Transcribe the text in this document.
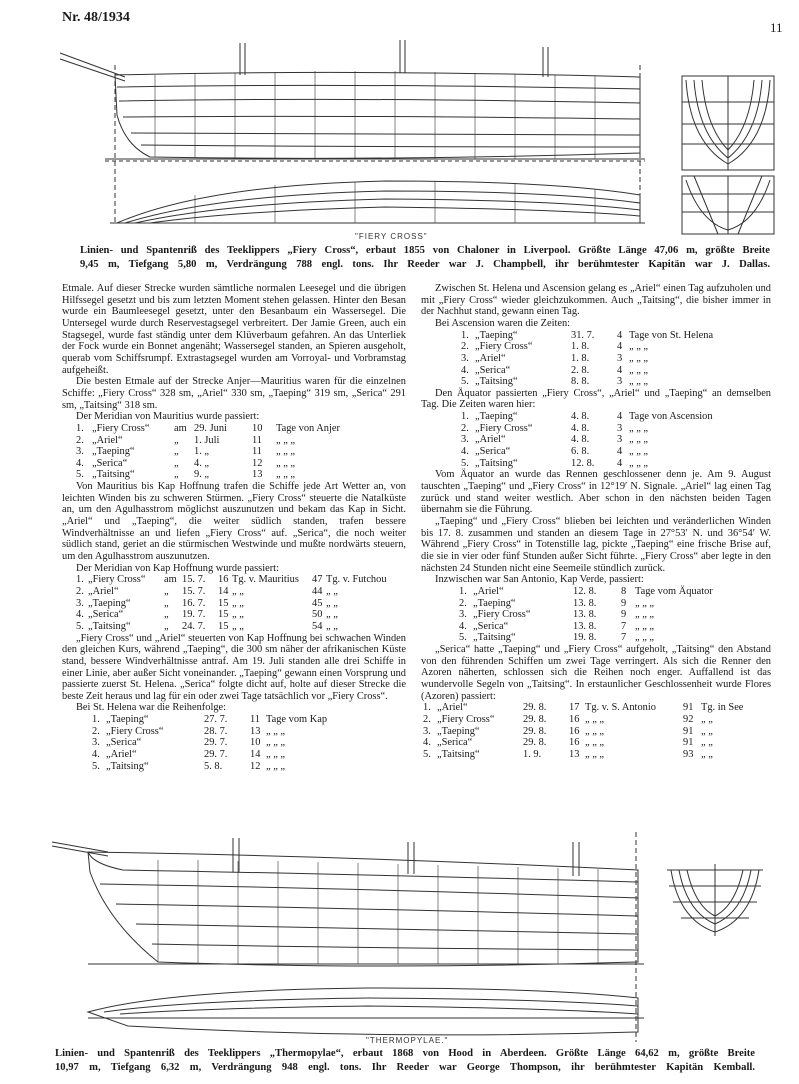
Nr. 48/1934
11
"FIERY CROSS"
Linien- und Spantenriß des Teeklippers „Fiery Cross“, erbaut 1855 von Chaloner in Liverpool. Größte Länge 47,06 m, größte Breite
9,45 m, Tiefgang 5,80 m, Verdrängung 788 engl. tons. Ihr Reeder war J. Champbell, ihr berühmtester Kapitän war J. Dallas.

Etmale. Auf dieser Strecke wurden sämtliche normalen Leesegel und die übrigen Hilfssegel gesetzt und bis zum letzten Moment stehen gelassen. Hinter den Besan wurde ein Baumleesegel gesetzt, unter den Besanbaum ein Wassersegel. Die Untersegel wurde durch Reservestagsegel verbreitert. Der Jamie Green, auch ein Stagsegel, wurde fast ständig unter dem Klüverbaum gefahren. An das Unterliek der Fock wurde ein Bonnet angenäht; Wassersegel standen, an Spieren ausgeholt, querab vom Schiffsrumpf. Extrastagsegel wurden am Vorroyal- und Vorbramstag aufgeheißt.

Die besten Etmale auf der Strecke Anjer—Mauritius waren für die einzelnen Schiffe: „Fiery Cross“ 328 sm, „Ariel“ 330 sm, „Taeping“ 319 sm, „Serica“ 291 sm, „Taitsing“ 318 sm.

Der Meridian von Mauritius wurde passiert:

1. „Fiery Cross“ am 29. Juni 10 Tage von Anjer
2. „Ariel“	„ 1. Juli	11 „ „ „
3. „Taeping“	„ 1. „	11 „ „ „
4. „Serica“	„ 4. „	12 „ „ „
5. „Taitsing“	„ 9. „	13 „ „ „

Von Mauritius bis Kap Hoffnung trafen die Schiffe jede Art Wetter an, von leichten Winden bis zu schweren Stürmen. „Fiery Cross“ steuerte die Natalküste an, um den Agulhasstrom möglichst auszunutzen und bekam das Kap in Sicht. „Ariel“ und „Taeping“, die weiter südlich standen, trafen bessere Windverhältnisse an und liefen „Fiery Cross“ auf. „Serica“, die noch weiter südlich stand, geriet an die stürmischen Westwinde und mußte nordwärts steuern, um den Agulhasstrom auszunutzen.

Der Meridian von Kap Hoffnung wurde passiert:

1. „Fiery Cross“ am 15. 7. 16 Tg. v. Mauritius 47 Tg. v. Futchou
2. „Ariel“	„ 15. 7. 14 „ „	44 „ „
3. „Taeping“	„ 16. 7. 15 „ „	45 „ „
4. „Serica“	„ 19. 7. 15 „ „	50 „ „
5. „Taitsing“	„ 24. 7. 15 „ „	54 „ „

„Fiery Cross“ und „Ariel“ steuerten von Kap Hoffnung bei schwachen Winden den gleichen Kurs, während „Taeping“, die 300 sm näher der afrikanischen Küste stand, bessere Windverhältnisse antraf. Am 19. Juli standen alle drei Schiffe in einer Linie, aber außer Sicht voneinander. „Taeping“ gewann einen Vorsprung und passierte zuerst St. Helena. „Serica“ folgte dicht auf, holte auf dieser Strecke die beste Zeit heraus und lag für ein oder zwei Tage tatsächlich vor „Fiery Cross“.

Bei St. Helena war die Reihenfolge:

1. „Taeping“	27. 7. 11 Tage vom Kap
2. „Fiery Cross“	28. 7. 13 „ „ „
3. „Serica“	29. 7. 10 „ „ „
4. „Ariel“	29. 7. 14 „ „ „
5. „Taitsing“	5. 8.	12 „ „ „

Zwischen St. Helena und Ascension gelang es „Ariel“ einen Tag aufzuholen und mit „Fiery Cross“ wieder gleichzukommen. Auch „Taitsing“, die bisher immer in der Nachhut stand, gewann einen Tag.

Bei Ascension waren die Zeiten:

1. „Taeping“	31. 7. 4 Tage von St. Helena
2. „Fiery Cross“	1. 8.	4 „ „ „
3. „Ariel“	1. 8.	3 „ „ „
4. „Serica“	2. 8.	4 „ „ „
5. „Taitsing“	8. 8.	3 „ „ „

Den Äquator passierten „Fiery Cross“, „Ariel“ und „Taeping“ an demselben Tag. Die Zeiten waren hier:

1. „Taeping“	4. 8.	4 Tage von Ascension
2. „Fiery Cross“	4. 8.	3 „ „ „
3. „Ariel“	4. 8.	3 „ „ „
4. „Serica“	6. 8.	4 „ „ „
5. „Taitsing“	12. 8. 4 „ „ „

Vom Äquator an wurde das Rennen geschlossener denn je. Am 9. August tauschten „Taeping“ und „Fiery Cross“ in 12°19′ N. Signale. „Ariel“ lag einen Tag zurück und stand weiter westlich. Aber schon in den nächsten beiden Tagen übernahm sie die Führung.

„Taeping“ und „Fiery Cross“ blieben bei leichten und veränderlichen Winden bis 17. 8. zusammen und standen an diesem Tage in 27°53′ N. und 36°54′ W. Während „Fiery Cross“ in Totenstille lag, pickte „Taeping“ eine frische Brise auf, die sie in vier oder fünf Stunden außer Sicht führte. „Fiery Cross“ aber legte in den nächsten 24 Stunden nicht eine Seemeile stündlich zurück.

Inzwischen war San Antonio, Kap Verde, passiert:

1. „Ariel“	12. 8. 8 Tage vom Äquator
2. „Taeping“	13. 8. 9 „ „ „
3. „Fiery Cross“	13. 8. 9 „ „ „
4. „Serica“	13. 8. 7 „ „ „
5. „Taitsing“	19. 8. 7 „ „ „

„Serica“ hatte „Taeping“ und „Fiery Cross“ aufgeholt, „Taitsing“ den Abstand von den führenden Schiffen um zwei Tage verringert. Als sich die Renner den Azoren näherten, schlossen sich die Reihen noch enger. Auffallend ist das wundervolle Segeln von „Taitsing“. In erstaunlicher Geschlossenheit wurde Flores (Azoren) passiert:

1. „Ariel“	29. 8. 17 Tg. v. S. Antonio	91 Tg. in See
2. „Fiery Cross“	29. 8. 16 „ „ „	92 „ „
3. „Taeping“	29. 8. 16 „ „ „	91 „ „
4. „Serica“	29. 8. 16 „ „ „	91 „ „
5. „Taitsing“	1. 9.	13 „ „ „	93 „ „
"THERMOPYLAE."
Linien- und Spantenriß des Teeklippers „Thermopylae“, erbaut 1868 von Hood in Aberdeen. Größte Länge 64,62 m, größte Breite
10,97 m, Tiefgang 6,32 m, Verdrängung 948 engl. tons. Ihr Reeder war George Thompson, ihr berühmtester Kapitän Kemball.
